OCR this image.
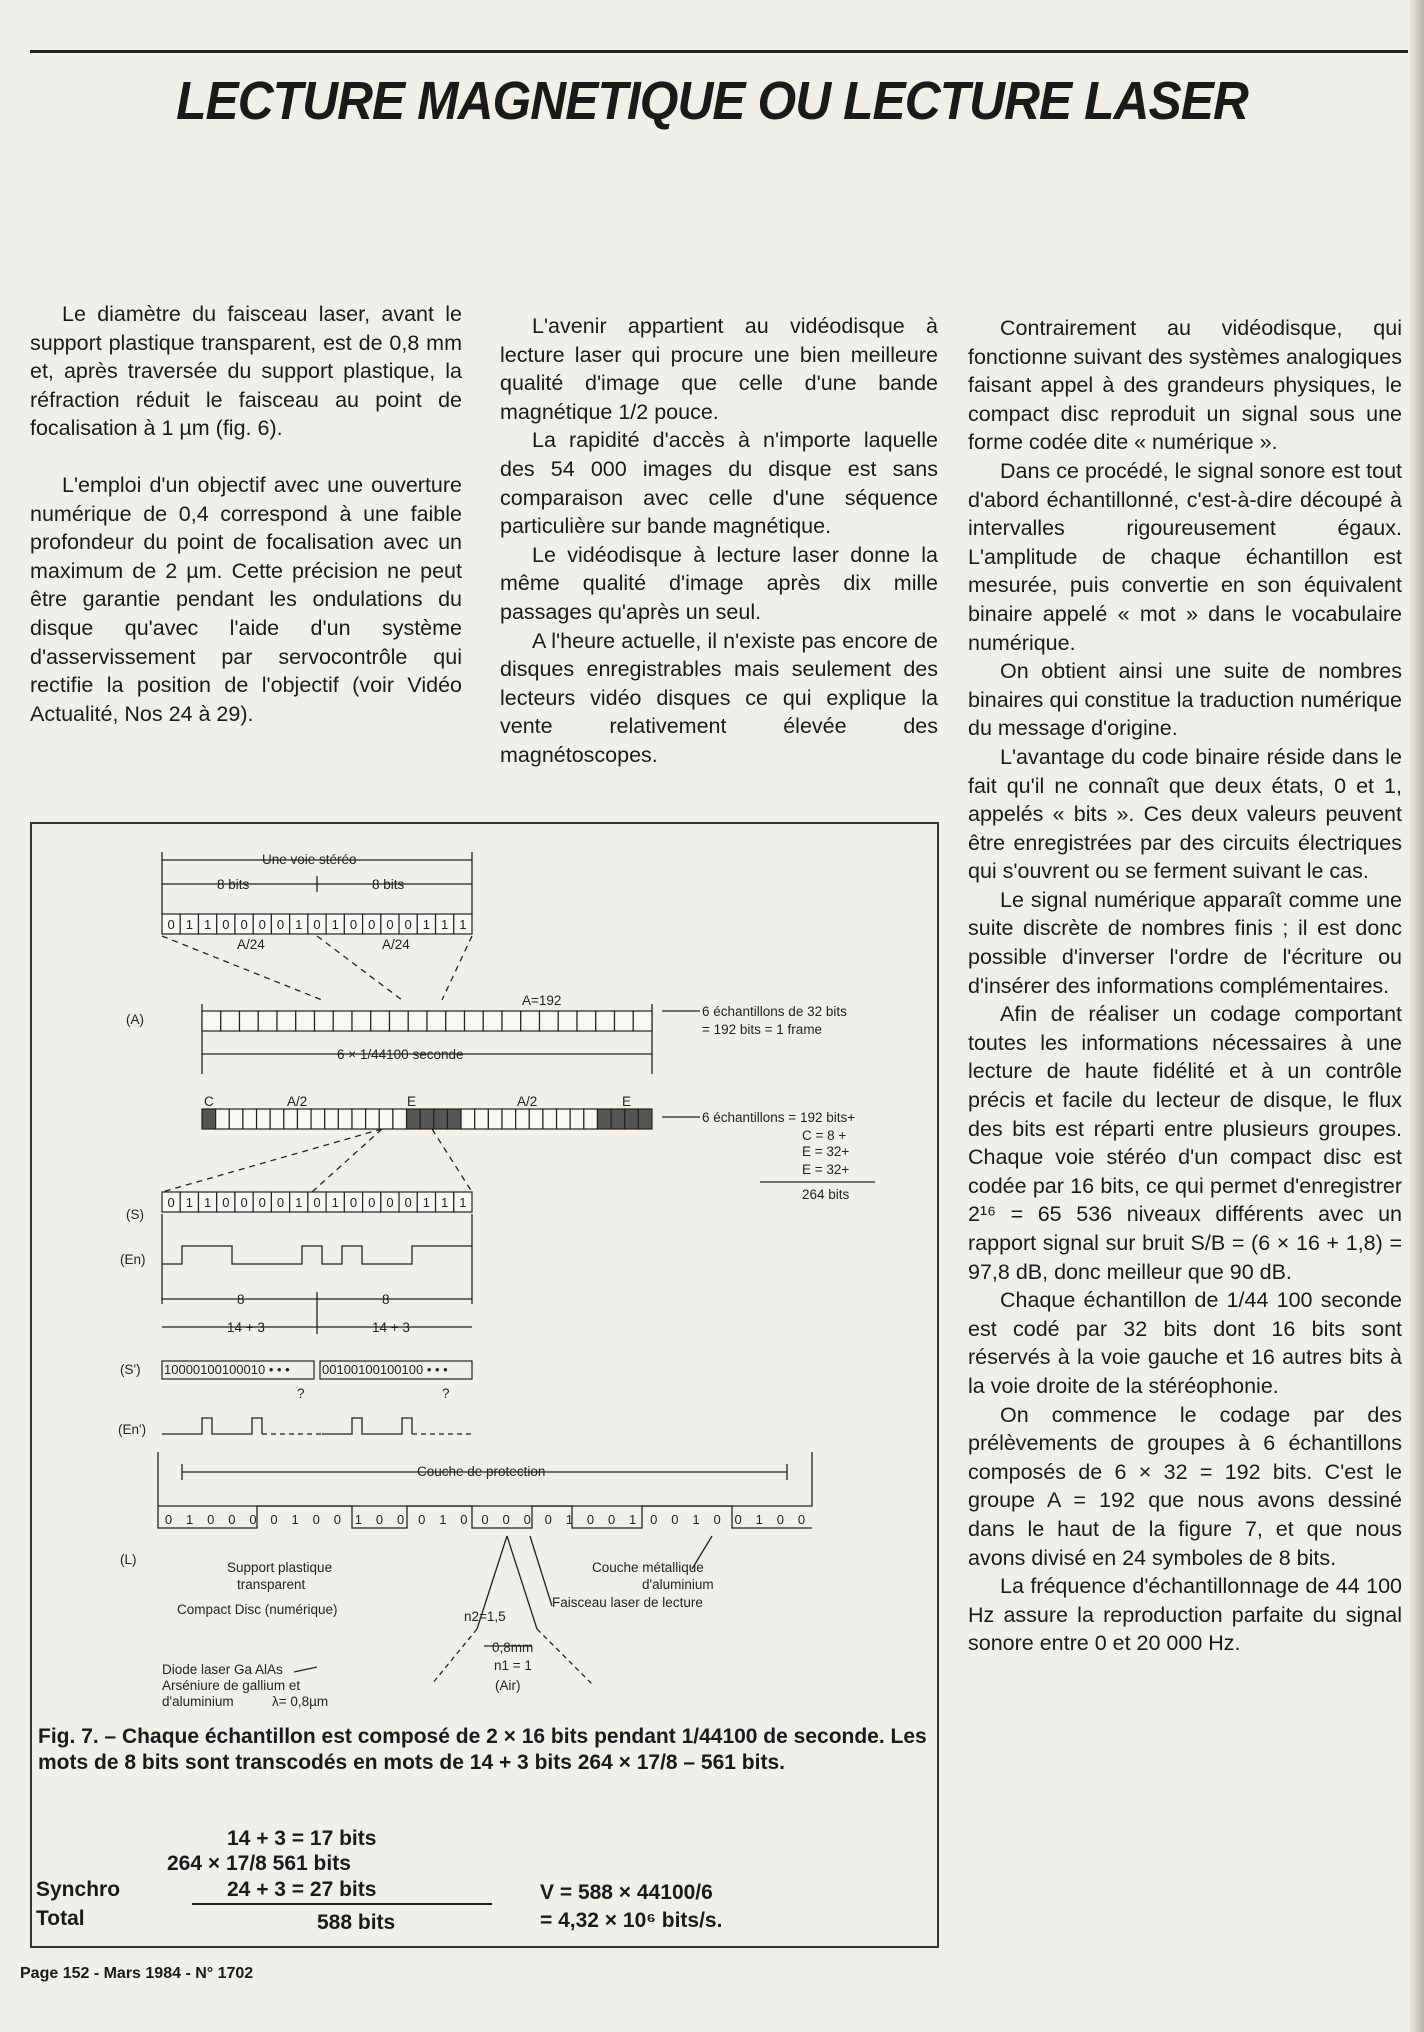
LECTURE MAGNETIQUE OU LECTURE LASER

Le diamètre du faisceau laser, avant le support plastique transparent, est de 0,8 mm et, après traversée du support plastique, la réfraction réduit le faisceau au point de focalisation à 1 µm (fig. 6).

L'emploi d'un objectif avec une ouverture numérique de 0,4 correspond à une faible profondeur du point de focalisation avec un maximum de 2 µm. Cette précision ne peut être garantie pendant les ondulations du disque qu'avec l'aide d'un système d'asservissement par servocontrôle qui rectifie la position de l'objectif (voir Vidéo Actualité, Nos 24 à 29).

L'avenir appartient au vidéodisque à lecture laser qui procure une bien meilleure qualité d'image que celle d'une bande magnétique 1/2 pouce.

La rapidité d'accès à n'importe laquelle des 54 000 images du disque est sans comparaison avec celle d'une séquence particulière sur bande magnétique.

Le vidéodisque à lecture laser donne la même qualité d'image après dix mille passages qu'après un seul.

A l'heure actuelle, il n'existe pas encore de disques enregistrables mais seulement des lecteurs vidéo disques ce qui explique la vente relativement élevée des magnétoscopes.

Contrairement au vidéodisque, qui fonctionne suivant des systèmes analogiques faisant appel à des grandeurs physiques, le compact disc reproduit un signal sous une forme codée dite « numérique ».

Dans ce procédé, le signal sonore est tout d'abord échantillonné, c'est-à-dire découpé à intervalles rigoureusement égaux. L'amplitude de chaque échantillon est mesurée, puis convertie en son équivalent binaire appelé « mot » dans le vocabulaire numérique.

On obtient ainsi une suite de nombres binaires qui constitue la traduction numérique du message d'origine.

L'avantage du code binaire réside dans le fait qu'il ne connaît que deux états, 0 et 1, appelés « bits ». Ces deux valeurs peuvent être enregistrées par des circuits électriques qui s'ouvrent ou se ferment suivant le cas.

Le signal numérique apparaît comme une suite discrète de nombres finis ; il est donc possible d'inverser l'ordre de l'écriture ou d'insérer des informations complémentaires.

Afin de réaliser un codage comportant toutes les informations nécessaires à une lecture de haute fidélité et à un contrôle précis et facile du lecteur de disque, le flux des bits est réparti entre plusieurs groupes. Chaque voie stéréo d'un compact disc est codée par 16 bits, ce qui permet d'enregistrer 2¹⁶ = 65 536 niveaux différents avec un rapport signal sur bruit S/B = (6 × 16 + 1,8) = 97,8 dB, donc meilleur que 90 dB.

Chaque échantillon de 1/44 100 seconde est codé par 32 bits dont 16 bits sont réservés à la voie gauche et 16 autres bits à la voie droite de la stéréophonie.

On commence le codage par des prélèvements de groupes à 6 échantillons composés de 6 × 32 = 192 bits. C'est le groupe A = 192 que nous avons dessiné dans le haut de la figure 7, et que nous avons divisé en 24 symboles de 8 bits.

La fréquence d'échantillonnage de 44 100 Hz assure la reproduction parfaite du signal sonore entre 0 et 20 000 Hz.

0 1 1 0 0 0 0 1 0 1 0 0 0 0 1 1 1
0 1 1 0 0 0 0 1 0 1 0 0 0 0 1 1 1
0 1 0 0 0 0 1 0 0 1 0 0 0 1 0 0 0 0 0 1 0 0 1 0 0 1 0 0 1 0 0
Une voie stéréo
8 bits	8 bits
A/24	A/24
(A)
A=192
6 échantillons de 32 bits
= 192 bits = 1 frame
6 × 1/44100 seconde
C	A/2	E	A/2	E
6 échantillons = 192 bits+
C = 8 +
E = 32+
E = 32+
264 bits
(S)
(En)
8	8
14 + 3	14 + 3
(S') 10000100100010 • • • 00100100100100 • • •
?	?
(En')
Couche de protection
(L)
Support plastique
transparent
Compact Disc (numérique)
Couche métallique
d'aluminium
Faisceau laser de lecture
n2=1,5
0,8mm
n1 = 1
(Air)
Diode laser Ga AlAs
Arséniure de gallium et
d'aluminium	λ= 0,8µm
Fig. 7. – Chaque échantillon est composé de 2 × 16 bits pendant 1/44100 de seconde. Les mots de 8 bits sont transcodés en mots de 14 + 3 bits 264 × 17/8 – 561 bits.
14 + 3 = 17 bits
264 × 17/8 561 bits
Synchro	24 + 3 = 27 bits
Total	588 bits
V = 588 × 44100/6
= 4,32 × 10⁶ bits/s.
Page 152 - Mars 1984 - N° 1702
